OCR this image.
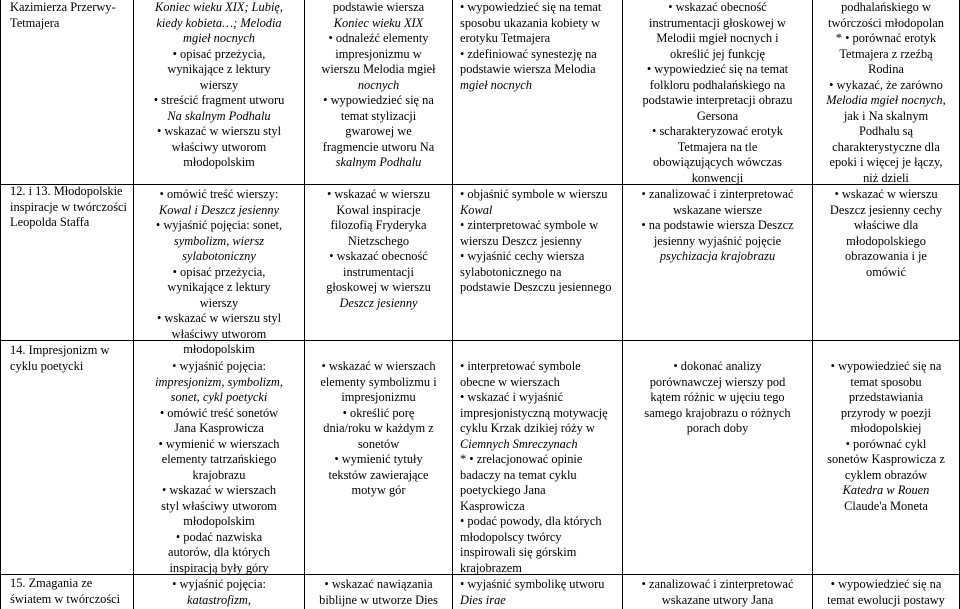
Kazimierza Przerwy-
Tetmajera
12. i 13. Młodopolskie
inspiracje w twórczości
Leopolda Staffa
14. Impresjonizm w
cyklu poetycki
15. Zmagania ze
światem w twórczości
Koniec wieku XIX; Lubię,
kiedy kobieta…; Melodia
mgieł nocnych
• opisać przeżycia,
wynikające z lektury
wierszy
• streścić fragment utworu
Na skalnym Podhalu
• wskazać w wierszu styl
właściwy utworom
młodopolskim
• omówić treść wierszy:
Kowal i Deszcz jesienny
• wyjaśnić pojęcia: sonet,
symbolizm, wiersz
sylabotoniczny
• opisać przeżycia,
wynikające z lektury
wierszy
• wskazać w wierszu styl
właściwy utworom
młodopolskim
• wyjaśnić pojęcia:
impresjonizm, symbolizm,
sonet, cykl poetycki
• omówić treść sonetów
Jana Kasprowicza
• wymienić w wierszach
elementy tatrzańskiego
krajobrazu
• wskazać w wierszach
styl właściwy utworom
młodopolskim
• podać nazwiska
autorów, dla których
inspiracją były góry
• wyjaśnić pojęcia:
katastrofizm,
podstawie wiersza
Koniec wieku XIX
• odnaleźć elementy
impresjonizmu w
wierszu Melodia mgieł
nocnych
• wypowiedzieć się na
temat stylizacji
gwarowej we
fragmencie utworu Na
skalnym Podhalu
• wskazać w wierszu
Kowal inspiracje
filozofią Fryderyka
Nietzschego
• wskazać obecność
instrumentacji
głoskowej w wierszu
Deszcz jesienny
• wskazać w wierszach
elementy symbolizmu i
impresjonizmu
• określić porę
dnia/roku w każdym z
sonetów
• wymienić tytuły
tekstów zawierające
motyw gór
• wskazać nawiązania
biblijne w utworze Dies
• wypowiedzieć się na temat
sposobu ukazania kobiety w
erotyku Tetmajera
• zdefiniować synestezję na
podstawie wiersza Melodia
mgieł nocnych
• objaśnić symbole w wierszu
Kowal
• zinterpretować symbole w
wierszu Deszcz jesienny
• wyjaśnić cechy wiersza
sylabotonicznego na
podstawie Deszczu jesiennego
• interpretować symbole
obecne w wierszach
• wskazać i wyjaśnić
impresjonistyczną motywację
cyklu Krzak dzikiej róży w
Ciemnych Smreczynach
* • zrelacjonować opinie
badaczy na temat cyklu
poetyckiego Jana
Kasprowicza
• podać powody, dla których
młodopolscy twórcy
inspirowali się górskim
krajobrazem
• wyjaśnić symbolikę utworu
Dies irae
• wskazać obecność
instrumentacji głoskowej w
Melodii mgieł nocnych i
określić jej funkcję
• wypowiedzieć się na temat
folkloru podhalańskiego na
podstawie interpretacji obrazu
Gersona
• scharakteryzować erotyk
Tetmajera na tle
obowiązujących wówczas
konwencji
• zanalizować i zinterpretować
wskazane wiersze
• na podstawie wiersza Deszcz
jesienny wyjaśnić pojęcie
psychizacja krajobrazu
• dokonać analizy
porównawczej wierszy pod
kątem różnic w ujęciu tego
samego krajobrazu o różnych
porach doby
• zanalizować i zinterpretować
wskazane utwory Jana
podhalańskiego w
twórczości młodopolan
* • porównać erotyk
Tetmajera z rzeźbą
Rodina
• wykazać, że zarówno
Melodia mgieł nocnych,
jak i Na skalnym
Podhalu są
charakterystyczne dla
epoki i więcej je łączy,
niż dzieli
• wskazać w wierszu
Deszcz jesienny cechy
właściwe dla
młodopolskiego
obrazowania i je
omówić
• wypowiedzieć się na
temat sposobu
przedstawiania
przyrody w poezji
młodopolskiej
• porównać cykl
sonetów Kasprowicza z
cyklem obrazów
Katedra w Rouen
Claude'a Moneta
• wypowiedzieć się na
temat ewolucji postawy
